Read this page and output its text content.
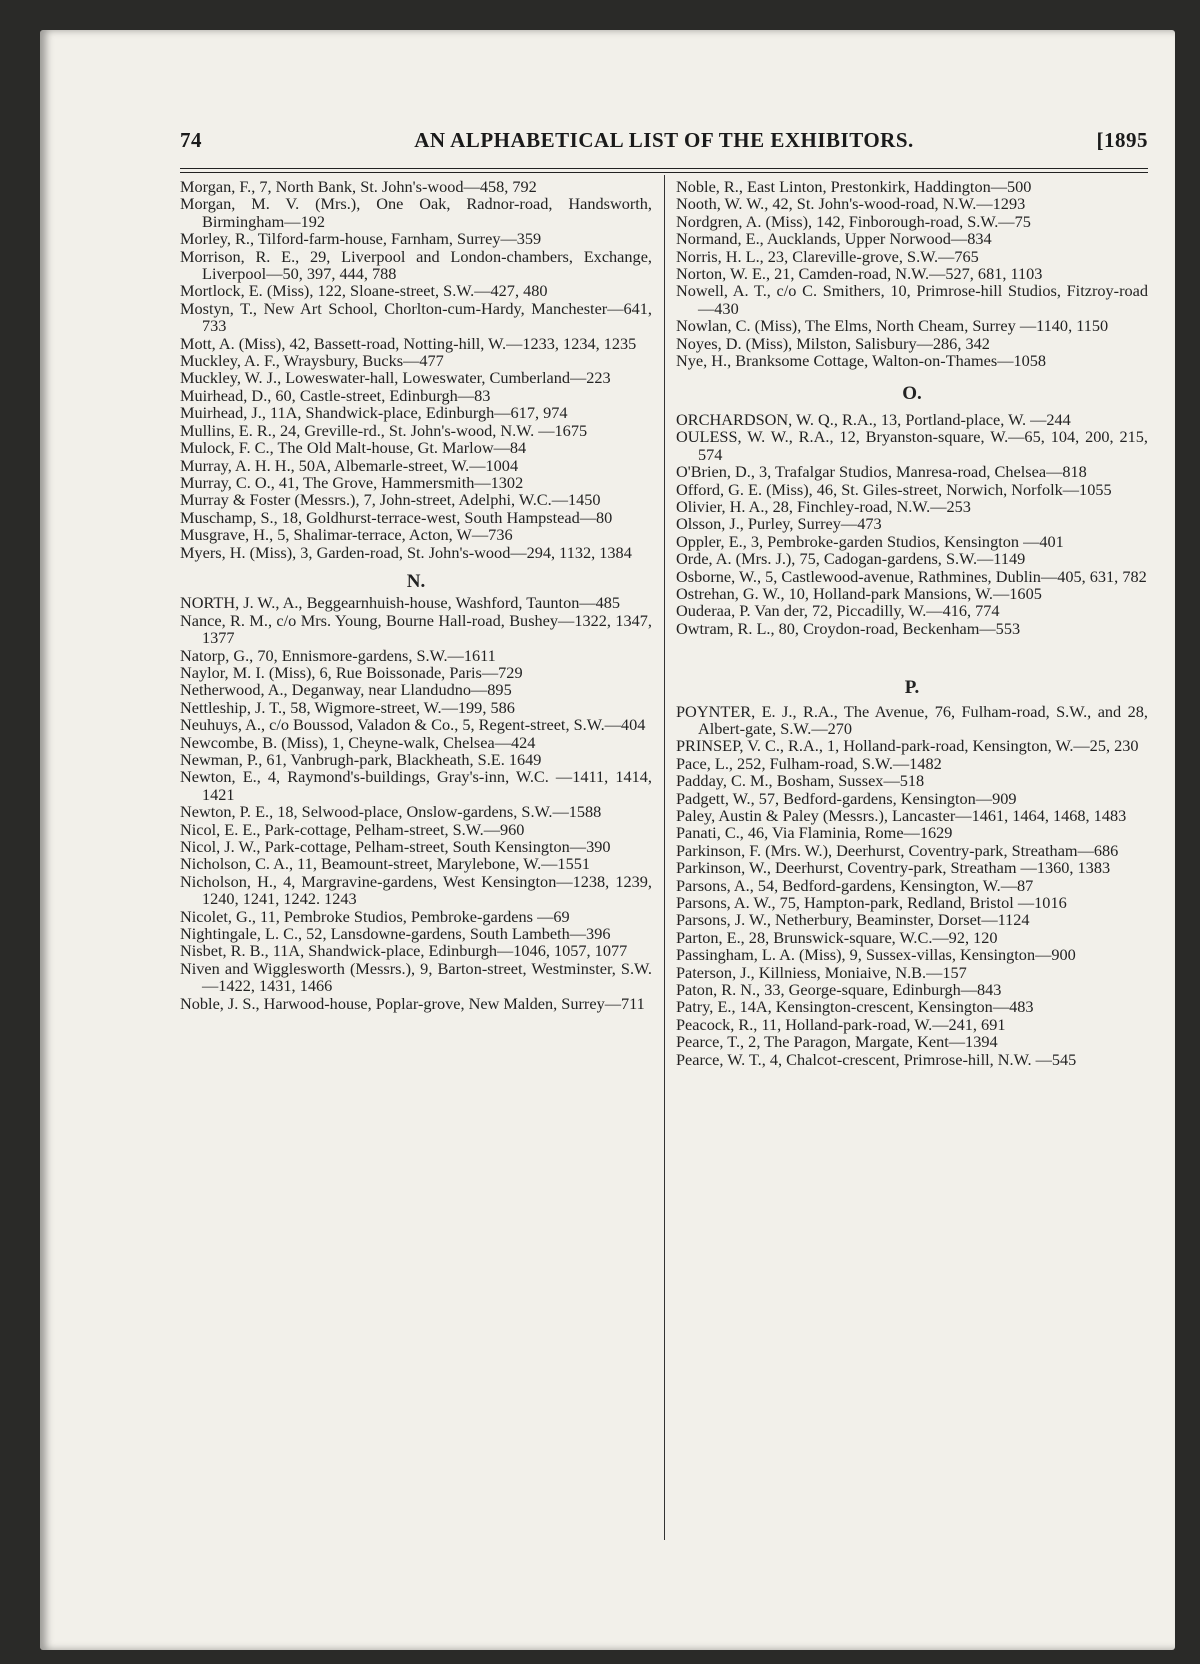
74	AN ALPHABETICAL LIST OF THE EXHIBITORS.	[1895
Morgan, F., 7, North Bank, St. John's-wood—458, 792
Morgan, M. V. (Mrs.), One Oak, Radnor-road, Handsworth, Birmingham—192
Morley, R., Tilford-farm-house, Farnham, Surrey—359
Morrison, R. E., 29, Liverpool and London-chambers, Exchange, Liverpool—50, 397, 444, 788
Mortlock, E. (Miss), 122, Sloane-street, S.W.—427, 480
Mostyn, T., New Art School, Chorlton-cum-Hardy, Manchester—641, 733
Mott, A. (Miss), 42, Bassett-road, Notting-hill, W.—1233, 1234, 1235
Muckley, A. F., Wraysbury, Bucks—477
Muckley, W. J., Loweswater-hall, Loweswater, Cumberland—223
Muirhead, D., 60, Castle-street, Edinburgh—83
Muirhead, J., 11A, Shandwick-place, Edinburgh—617, 974
Mullins, E. R., 24, Greville-rd., St. John's-wood, N.W. —1675
Mulock, F. C., The Old Malt-house, Gt. Marlow—84
Murray, A. H. H., 50A, Albemarle-street, W.—1004
Murray, C. O., 41, The Grove, Hammersmith—1302
Murray & Foster (Messrs.), 7, John-street, Adelphi, W.C.—1450
Muschamp, S., 18, Goldhurst-terrace-west, South Hampstead—80
Musgrave, H., 5, Shalimar-terrace, Acton, W—736
Myers, H. (Miss), 3, Garden-road, St. John's-wood—294, 1132, 1384
N.
NORTH, J. W., A., Beggearnhuish-house, Washford, Taunton—485
Nance, R. M., c/o Mrs. Young, Bourne Hall-road, Bushey—1322, 1347, 1377
Natorp, G., 70, Ennismore-gardens, S.W.—1611
Naylor, M. I. (Miss), 6, Rue Boissonade, Paris—729
Netherwood, A., Deganway, near Llandudno—895
Nettleship, J. T., 58, Wigmore-street, W.—199, 586
Neuhuys, A., c/o Boussod, Valadon & Co., 5, Regent-street, S.W.—404
Newcombe, B. (Miss), 1, Cheyne-walk, Chelsea—424
Newman, P., 61, Vanbrugh-park, Blackheath, S.E. 1649
Newton, E., 4, Raymond's-buildings, Gray's-inn, W.C. —1411, 1414, 1421
Newton, P. E., 18, Selwood-place, Onslow-gardens, S.W.—1588
Nicol, E. E., Park-cottage, Pelham-street, S.W.—960
Nicol, J. W., Park-cottage, Pelham-street, South Kensington—390
Nicholson, C. A., 11, Beamount-street, Marylebone, W.—1551
Nicholson, H., 4, Margravine-gardens, West Kensington—1238, 1239, 1240, 1241, 1242. 1243
Nicolet, G., 11, Pembroke Studios, Pembroke-gardens —69
Nightingale, L. C., 52, Lansdowne-gardens, South Lambeth—396
Nisbet, R. B., 11A, Shandwick-place, Edinburgh—1046, 1057, 1077
Niven and Wigglesworth (Messrs.), 9, Barton-street, Westminster, S.W.—1422, 1431, 1466
Noble, J. S., Harwood-house, Poplar-grove, New Malden, Surrey—711
Noble, R., East Linton, Prestonkirk, Haddington—500
Nooth, W. W., 42, St. John's-wood-road, N.W.—1293
Nordgren, A. (Miss), 142, Finborough-road, S.W.—75
Normand, E., Aucklands, Upper Norwood—834
Norris, H. L., 23, Clareville-grove, S.W.—765
Norton, W. E., 21, Camden-road, N.W.—527, 681, 1103
Nowell, A. T., c/o C. Smithers, 10, Primrose-hill Studios, Fitzroy-road—430
Nowlan, C. (Miss), The Elms, North Cheam, Surrey —1140, 1150
Noyes, D. (Miss), Milston, Salisbury—286, 342
Nye, H., Branksome Cottage, Walton-on-Thames—1058
O.
ORCHARDSON, W. Q., R.A., 13, Portland-place, W. —244
OULESS, W. W., R.A., 12, Bryanston-square, W.—65, 104, 200, 215, 574
O'Brien, D., 3, Trafalgar Studios, Manresa-road, Chelsea—818
Offord, G. E. (Miss), 46, St. Giles-street, Norwich, Norfolk—1055
Olivier, H. A., 28, Finchley-road, N.W.—253
Olsson, J., Purley, Surrey—473
Oppler, E., 3, Pembroke-garden Studios, Kensington —401
Orde, A. (Mrs. J.), 75, Cadogan-gardens, S.W.—1149
Osborne, W., 5, Castlewood-avenue, Rathmines, Dublin—405, 631, 782
Ostrehan, G. W., 10, Holland-park Mansions, W.—1605
Ouderaa, P. Van der, 72, Piccadilly, W.—416, 774
Owtram, R. L., 80, Croydon-road, Beckenham—553
P.
POYNTER, E. J., R.A., The Avenue, 76, Fulham-road, S.W., and 28, Albert-gate, S.W.—270
PRINSEP, V. C., R.A., 1, Holland-park-road, Kensington, W.—25, 230
Pace, L., 252, Fulham-road, S.W.—1482
Padday, C. M., Bosham, Sussex—518
Padgett, W., 57, Bedford-gardens, Kensington—909
Paley, Austin & Paley (Messrs.), Lancaster—1461, 1464, 1468, 1483
Panati, C., 46, Via Flaminia, Rome—1629
Parkinson, F. (Mrs. W.), Deerhurst, Coventry-park, Streatham—686
Parkinson, W., Deerhurst, Coventry-park, Streatham —1360, 1383
Parsons, A., 54, Bedford-gardens, Kensington, W.—87
Parsons, A. W., 75, Hampton-park, Redland, Bristol —1016
Parsons, J. W., Netherbury, Beaminster, Dorset—1124
Parton, E., 28, Brunswick-square, W.C.—92, 120
Passingham, L. A. (Miss), 9, Sussex-villas, Kensington—900
Paterson, J., Killniess, Moniaive, N.B.—157
Paton, R. N., 33, George-square, Edinburgh—843
Patry, E., 14A, Kensington-crescent, Kensington—483
Peacock, R., 11, Holland-park-road, W.—241, 691
Pearce, T., 2, The Paragon, Margate, Kent—1394
Pearce, W. T., 4, Chalcot-crescent, Primrose-hill, N.W. —545
